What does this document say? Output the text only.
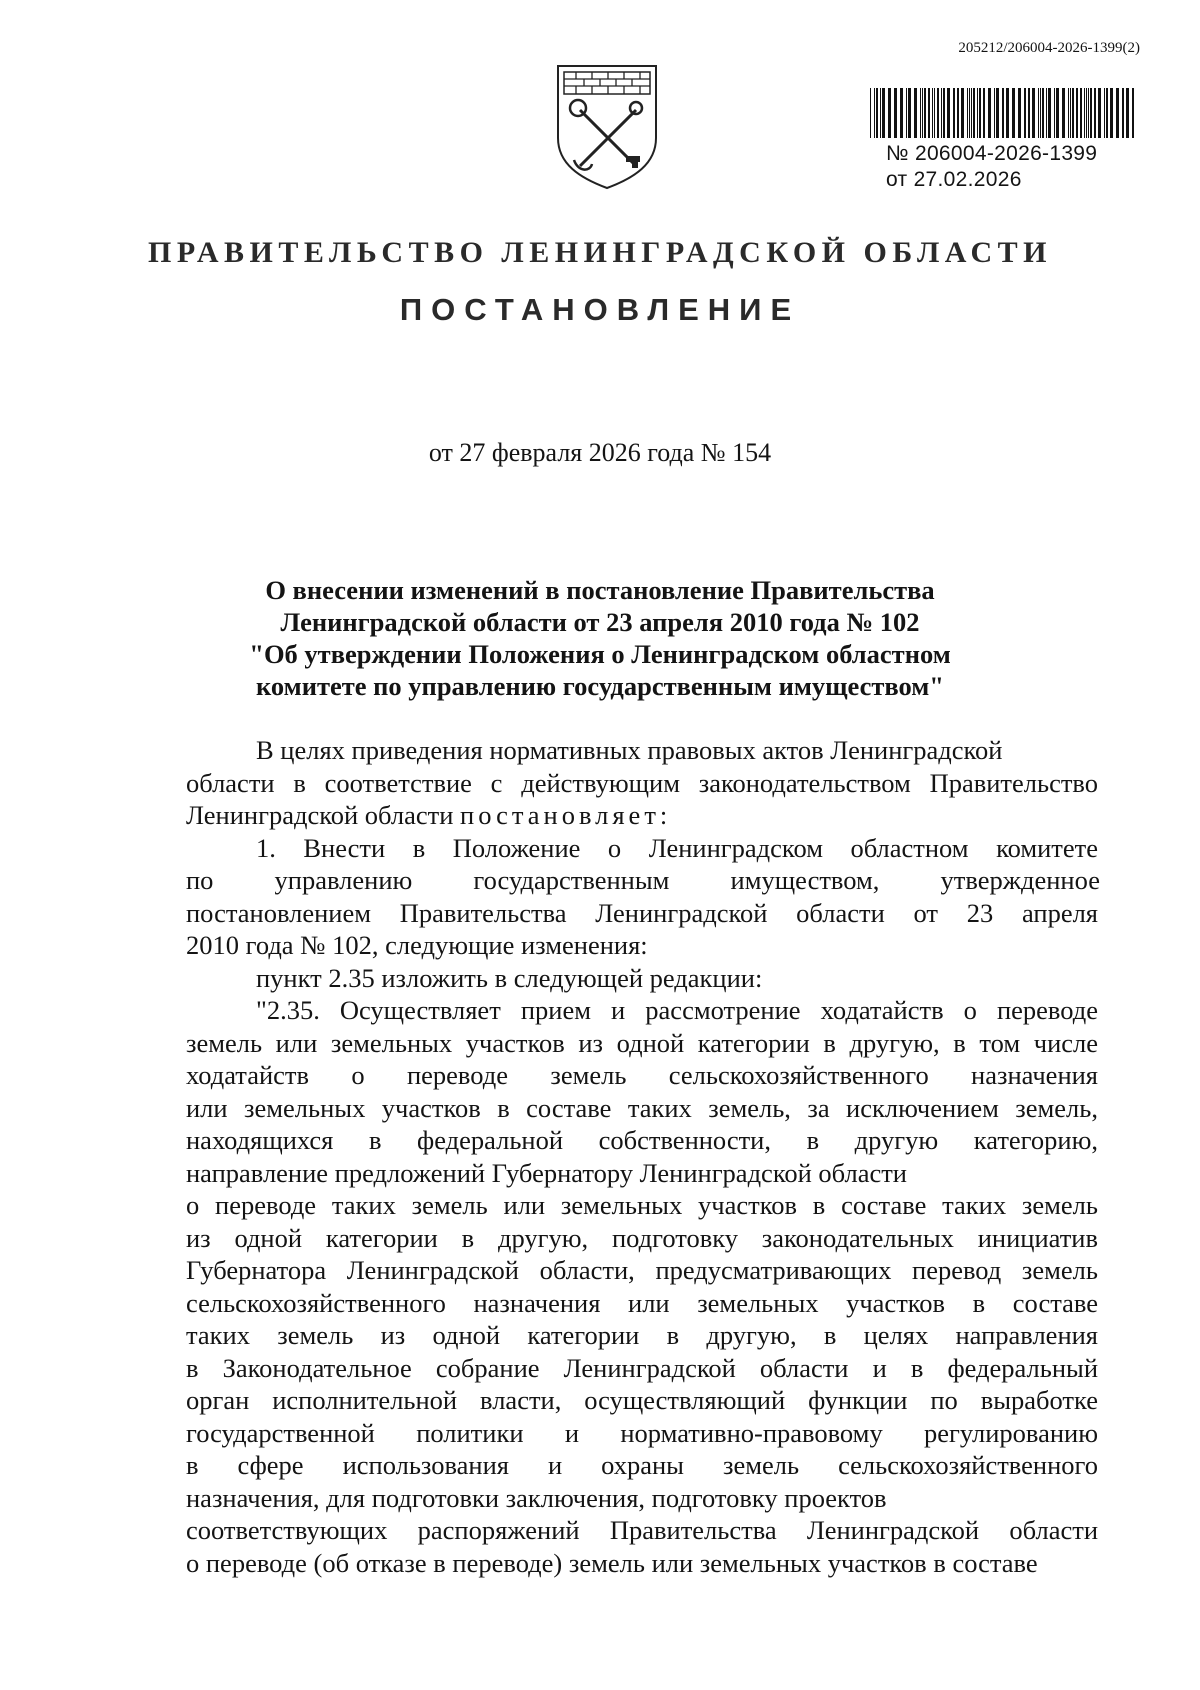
205212/206004-2026-1399(2)
№ 206004-2026-1399
от 27.02.2026
ПРАВИТЕЛЬСТВО ЛЕНИНГРАДСКОЙ ОБЛАСТИ
ПОСТАНОВЛЕНИЕ
от 27 февраля 2026 года № 154
О внесении изменений в постановление Правительства
Ленинградской области от 23 апреля 2010 года № 102
"Об утверждении Положения о Ленинградском областном
комитете по управлению государственным имуществом"
В целях приведения нормативных правовых актов Ленинградской
области в соответствие с действующим законодательством Правительство
Ленинградской области постановляет:
1. Внести в Положение о Ленинградском областном комитете
по управлению государственным имуществом, утвержденное
постановлением Правительства Ленинградской области от 23 апреля
2010 года № 102, следующие изменения:
пункт 2.35 изложить в следующей редакции:
"2.35. Осуществляет прием и рассмотрение ходатайств о переводе
земель или земельных участков из одной категории в другую, в том числе
ходатайств о переводе земель сельскохозяйственного назначения
или земельных участков в составе таких земель, за исключением земель,
находящихся в федеральной собственности, в другую категорию,
направление предложений Губернатору Ленинградской области
о переводе таких земель или земельных участков в составе таких земель
из одной категории в другую, подготовку законодательных инициатив
Губернатора Ленинградской области, предусматривающих перевод земель
сельскохозяйственного назначения или земельных участков в составе
таких земель из одной категории в другую, в целях направления
в Законодательное собрание Ленинградской области и в федеральный
орган исполнительной власти, осуществляющий функции по выработке
государственной политики и нормативно-правовому регулированию
в сфере использования и охраны земель сельскохозяйственного
назначения, для подготовки заключения, подготовку проектов
соответствующих распоряжений Правительства Ленинградской области
о переводе (об отказе в переводе) земель или земельных участков в составе
